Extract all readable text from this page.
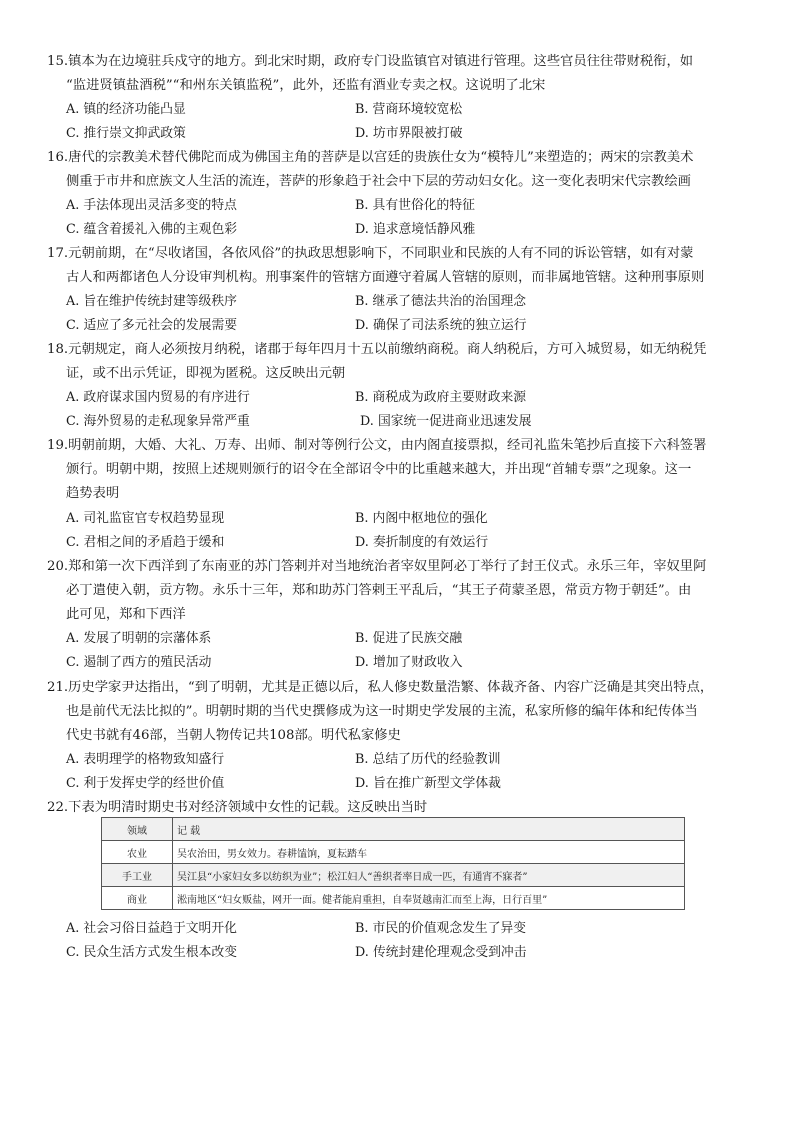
15.镇本为在边境驻兵戍守的地方。到北宋时期，政府专门设监镇官对镇进行管理。这些官员往往带财税衔，如
“监进贤镇盐酒税”“和州东关镇监税”，此外，还监有酒业专卖之权。这说明了北宋
A. 镇的经济功能凸显	B. 营商环境较宽松
C. 推行崇文抑武政策	D. 坊市界限被打破
16.唐代的宗教美术替代佛陀而成为佛国主角的菩萨是以宫廷的贵族仕女为“模特儿”来塑造的；两宋的宗教美术
侧重于市井和庶族文人生活的流连，菩萨的形象趋于社会中下层的劳动妇女化。这一变化表明宋代宗教绘画
A. 手法体现出灵活多变的特点	B. 具有世俗化的特征
C. 蕴含着援礼入佛的主观色彩	D. 追求意境恬静风雅
17.元朝前期，在“尽收诸国，各依风俗”的执政思想影响下，不同职业和民族的人有不同的诉讼管辖，如有对蒙
古人和两都诸色人分设审判机构。刑事案件的管辖方面遵守着属人管辖的原则，而非属地管辖。这种刑事原则
A. 旨在维护传统封建等级秩序	B. 继承了德法共治的治国理念
C. 适应了多元社会的发展需要	D. 确保了司法系统的独立运行
18.元朝规定，商人必须按月纳税，诸郡于每年四月十五以前缴纳商税。商人纳税后，方可入城贸易，如无纳税凭
证，或不出示凭证，即视为匿税。这反映出元朝
A. 政府谋求国内贸易的有序进行	B. 商税成为政府主要财政来源
C. 海外贸易的走私现象异常严重	D. 国家统一促进商业迅速发展
19.明朝前期，大婚、大礼、万寿、出师、制对等例行公文，由内阁直接票拟，经司礼监朱笔抄后直接下六科签署
颁行。明朝中期，按照上述规则颁行的诏令在全部诏令中的比重越来越大，并出现“首辅专票”之现象。这一
趋势表明
A. 司礼监宦官专权趋势显现	B. 内阁中枢地位的强化
C. 君相之间的矛盾趋于缓和	D. 奏折制度的有效运行
20.郑和第一次下西洋到了东南亚的苏门答剌并对当地统治者宰奴里阿必丁举行了封王仪式。永乐三年，宰奴里阿
必丁遣使入朝，贡方物。永乐十三年，郑和助苏门答剌王平乱后，“其王子荷蒙圣恩，常贡方物于朝廷”。由
此可见，郑和下西洋
A. 发展了明朝的宗藩体系	B. 促进了民族交融
C. 遏制了西方的殖民活动	D. 增加了财政收入
21.历史学家尹达指出，“到了明朝，尤其是正德以后，私人修史数量浩繁、体裁齐备、内容广泛确是其突出特点，
也是前代无法比拟的”。明朝时期的当代史撰修成为这一时期史学发展的主流，私家所修的编年体和纪传体当
代史书就有46部，当朝人物传记共108部。明代私家修史
A. 表明理学的格物致知盛行	B. 总结了历代的经验教训
C. 利于发挥史学的经世价值	D. 旨在推广新型文学体裁
22.下表为明清时期史书对经济领域中女性的记载。这反映出当时
领域	记 载
农业	吴农治田，男女效力。春耕馌饷，夏耘踏车
手工业	吴江县“小家妇女多以纺织为业”；松江妇人“善织者率日成一匹，有通宵不寐者”
商业	淞南地区“妇女贩盐，网开一面。健者能肩重担，自奉贤越南汇而至上海，日行百里”
A. 社会习俗日益趋于文明开化	B. 市民的价值观念发生了异变
C. 民众生活方式发生根本改变	D. 传统封建伦理观念受到冲击
